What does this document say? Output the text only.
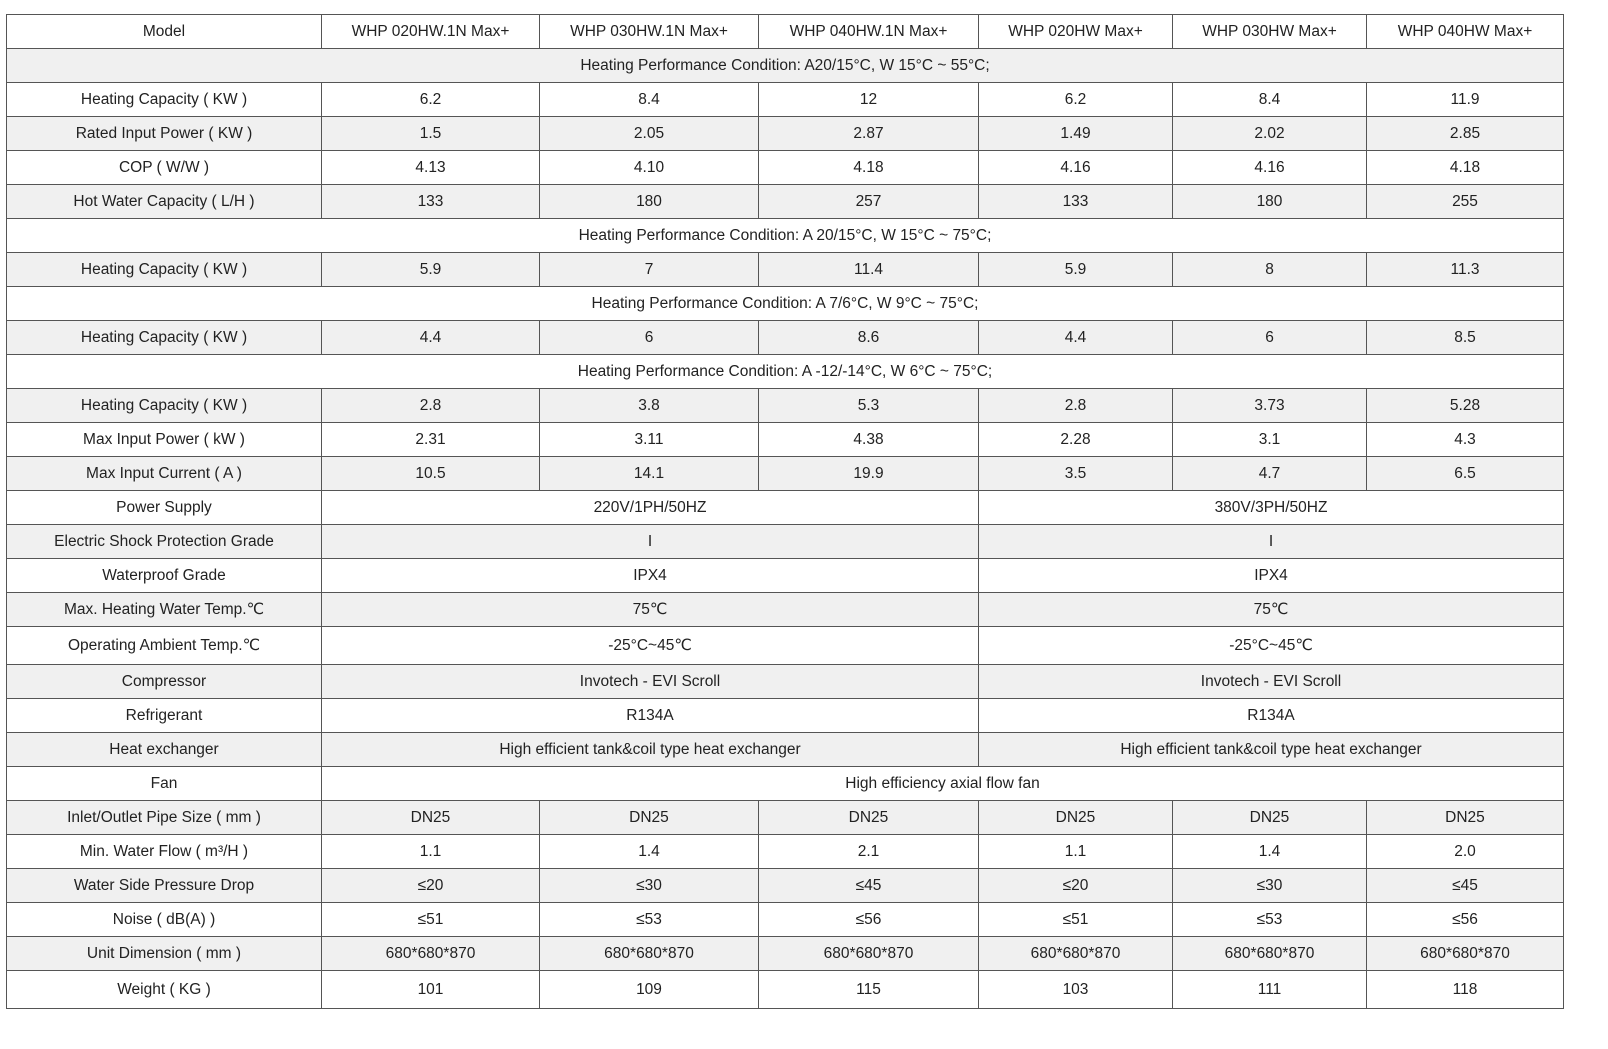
Model	WHP 020HW.1N Max+	WHP 030HW.1N Max+	WHP 040HW.1N Max+	WHP 020HW Max+	WHP 030HW Max+	WHP 040HW Max+
Heating Performance Condition: A20/15°C, W 15°C ~ 55°C;						
Heating Capacity ( KW )	6.2	8.4	12	6.2	8.4	11.9
Rated Input Power ( KW )	1.5	2.05	2.87	1.49	2.02	2.85
COP ( W/W )	4.13	4.10	4.18	4.16	4.16	4.18
Hot Water Capacity ( L/H )	133	180	257	133	180	255
Heating Performance Condition: A 20/15°C, W 15°C ~ 75°C;						
Heating Capacity ( KW )	5.9	7	11.4	5.9	8	11.3
Heating Performance Condition: A 7/6°C, W 9°C ~ 75°C;						
Heating Capacity ( KW )	4.4	6	8.6	4.4	6	8.5
Heating Performance Condition: A -12/-14°C, W 6°C ~ 75°C;						
Heating Capacity ( KW )	2.8	3.8	5.3	2.8	3.73	5.28
Max Input Power ( kW )	2.31	3.11	4.38	2.28	3.1	4.3
Max Input Current ( A )	10.5	14.1	19.9	3.5	4.7	6.5
Power Supply	220V/1PH/50HZ			380V/3PH/50HZ		
Electric Shock Protection Grade	I			I		
Waterproof Grade	IPX4			IPX4		
Max. Heating Water Temp.℃	75℃			75℃		
Operating Ambient Temp.℃	-25°C~45℃			-25°C~45℃		
Compressor	Invotech - EVI Scroll			Invotech - EVI Scroll		
Refrigerant	R134A			R134A		
Heat exchanger	High efficient tank&coil type heat exchanger			High efficient tank&coil type heat exchanger		
Fan	High efficiency axial flow fan					
Inlet/Outlet Pipe Size ( mm )	DN25	DN25	DN25	DN25	DN25	DN25
Min. Water Flow ( m³/H )	1.1	1.4	2.1	1.1	1.4	2.0
Water Side Pressure Drop	≤20	≤30	≤45	≤20	≤30	≤45
Noise ( dB(A) )	≤51	≤53	≤56	≤51	≤53	≤56
Unit Dimension ( mm )	680*680*870	680*680*870	680*680*870	680*680*870	680*680*870	680*680*870
Weight ( KG )	101	109	115	103	111	118
